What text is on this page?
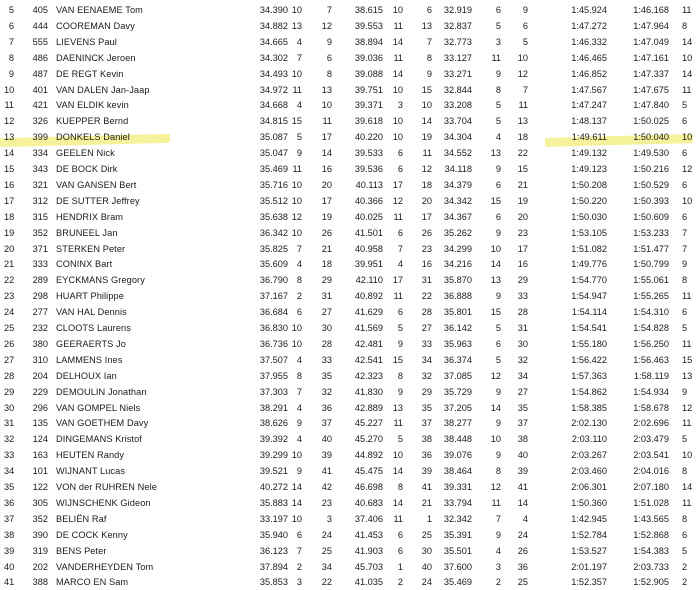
5	405 VAN EENAEME Tom	34.390 10	7	38.615	10	6	32.919	6	9	1:45.924	1:46.168 11
6	444 COOREMAN Davy	34.882 13	12	39.553	11	13	32.837	5	6	1:47.272	1:47.964 8
7	555 LIEVENS Paul	34.665 4	9	38.894	14	7	32.773	3	5	1:46.332	1:47.049 14
8	486 DAENINCK Jeroen	34.302 7	6	39.036	11	8	33.127	11	10	1:46.465	1:47.161 10
9	487 DE REGT Kevin	34.493 10	8	39.088	14	9	33.271	9	12	1:46.852	1:47.337 14
10	401 VAN DALEN Jan-Jaap	34.972 11	13	39.751	10	15	32.844	8	7	1:47.567	1:47.675 11
11	421 VAN ELDIK kevin	34.668 4	10	39.371	3	10	33.208	5	11	1:47.247	1:47.840 5
12	326 KUEPPER Bernd	34.815 15	11	39.618	10	14	33.704	5	13	1:48.137	1:50.025 6
13	399 DONKELS Daniel	35.087 5	17	40.220	10	19	34.304	4	18	1:49.611	1:50.040 10
14	334 GEELEN Nick	35.047 9	14	39.533	6	11	34.552	13	22	1:49.132	1:49.530 6
15	343 DE BOCK Dirk	35.469 11	16	39.536	6	12	34.118	9	15	1:49.123	1:50.216 12
16	321 VAN GANSEN Bert	35.716 10	20	40.113	17	18	34.379	6	21	1:50.208	1:50.529 6
17	312 DE SUTTER Jeffrey	35.512 10	17	40.366	12	20	34.342	15	19	1:50.220	1:50.393 10
18	315 HENDRIX Bram	35.638 12	19	40.025	11	17	34.367	6	20	1:50.030	1:50.609 6
19	352 BRUNEEL Jan	36.342 10	26	41.501	6	26	35.262	9	23	1:53.105	1:53.233 7
20	371 STERKEN Peter	35.825 7	21	40.958	7	23	34.299	10	17	1:51.082	1:51.477 7
21	333 CONINX Bart	35.609 4	18	39.951	4	16	34.216	14	16	1:49.776	1:50.799 9
22	289 EYCKMANS Gregory	36.790 8	29	42.110	17	31	35.870	13	29	1:54.770	1:55.061 8
23	298 HUART Philippe	37.167 2	31	40.892	11	22	36.888	9	33	1:54.947	1:55.265 11
24	277 VAN HAL Dennis	36.684 6	27	41.629	6	28	35.801	15	28	1:54.114	1:54.310 6
25	232 CLOOTS Laurens	36.830 10	30	41.569	5	27	36.142	5	31	1:54.541	1:54.828 5
26	380 GEERAERTS Jo	36.736 10	28	42.481	9	33	35.963	6	30	1:55.180	1:56.250 11
27	310 LAMMENS Ines	37.507 4	33	42.541	15	34	36.374	5	32	1:56.422	1:56.463 15
28	204 DELHOUX Ian	37.955 8	35	42.323	8	32	37.085	12	34	1:57.363	1:58.119 13
29	229 DEMOULIN Jonathan	37.303 7	32	41.830	9	29	35.729	9	27	1:54.862	1:54.934 9
30	296 VAN GOMPEL Niels	38.291 4	36	42.889	13	35	37.205	14	35	1:58.385	1:58.678 12
31	135 VAN GOETHEM Davy	38.626 9	37	45.227	11	37	38.277	9	37	2:02.130	2:02.696 11
32	124 DINGEMANS Kristof	39.392 4	40	45.270	5	38	38.448	10	38	2:03.110	2:03.479 5
33	163 HEUTEN Randy	39.299 10	39	44.892	10	36	39.076	9	40	2:03.267	2:03.541 10
34	101 WIJNANT Lucas	39.521 9	41	45.475	14	39	38.464	8	39	2:03.460	2:04.016 8
35	122 VON der RUHREN Nele	40.272 14	42	46.698	8	41	39.331	12	41	2:06.301	2:07.180 14
36	305 WIJNSCHENK Gideon	35.883 14	23	40.683	14	21	33.794	11	14	1:50.360	1:51.028 11
37	352 BELIËN Raf	33.197 10	3	37.406	11	1	32.342	7	4	1:42.945	1:43.565 8
38	390 DE COCK Kenny	35.940 6	24	41.453	6	25	35.391	9	24	1:52.784	1:52.868 6
39	319 BENS Peter	36.123 7	25	41.903	6	30	35.501	4	26	1:53.527	1:54.383 5
40	202 VANDERHEYDEN Tom	37.894 2	34	45.703	1	40	37.600	3	36	2:01.197	2:03.733 2
41	388 MARCO EN Sam	35.853 3	22	41.035	2	24	35.469	2	25	1:52.357	1:52.905 2
